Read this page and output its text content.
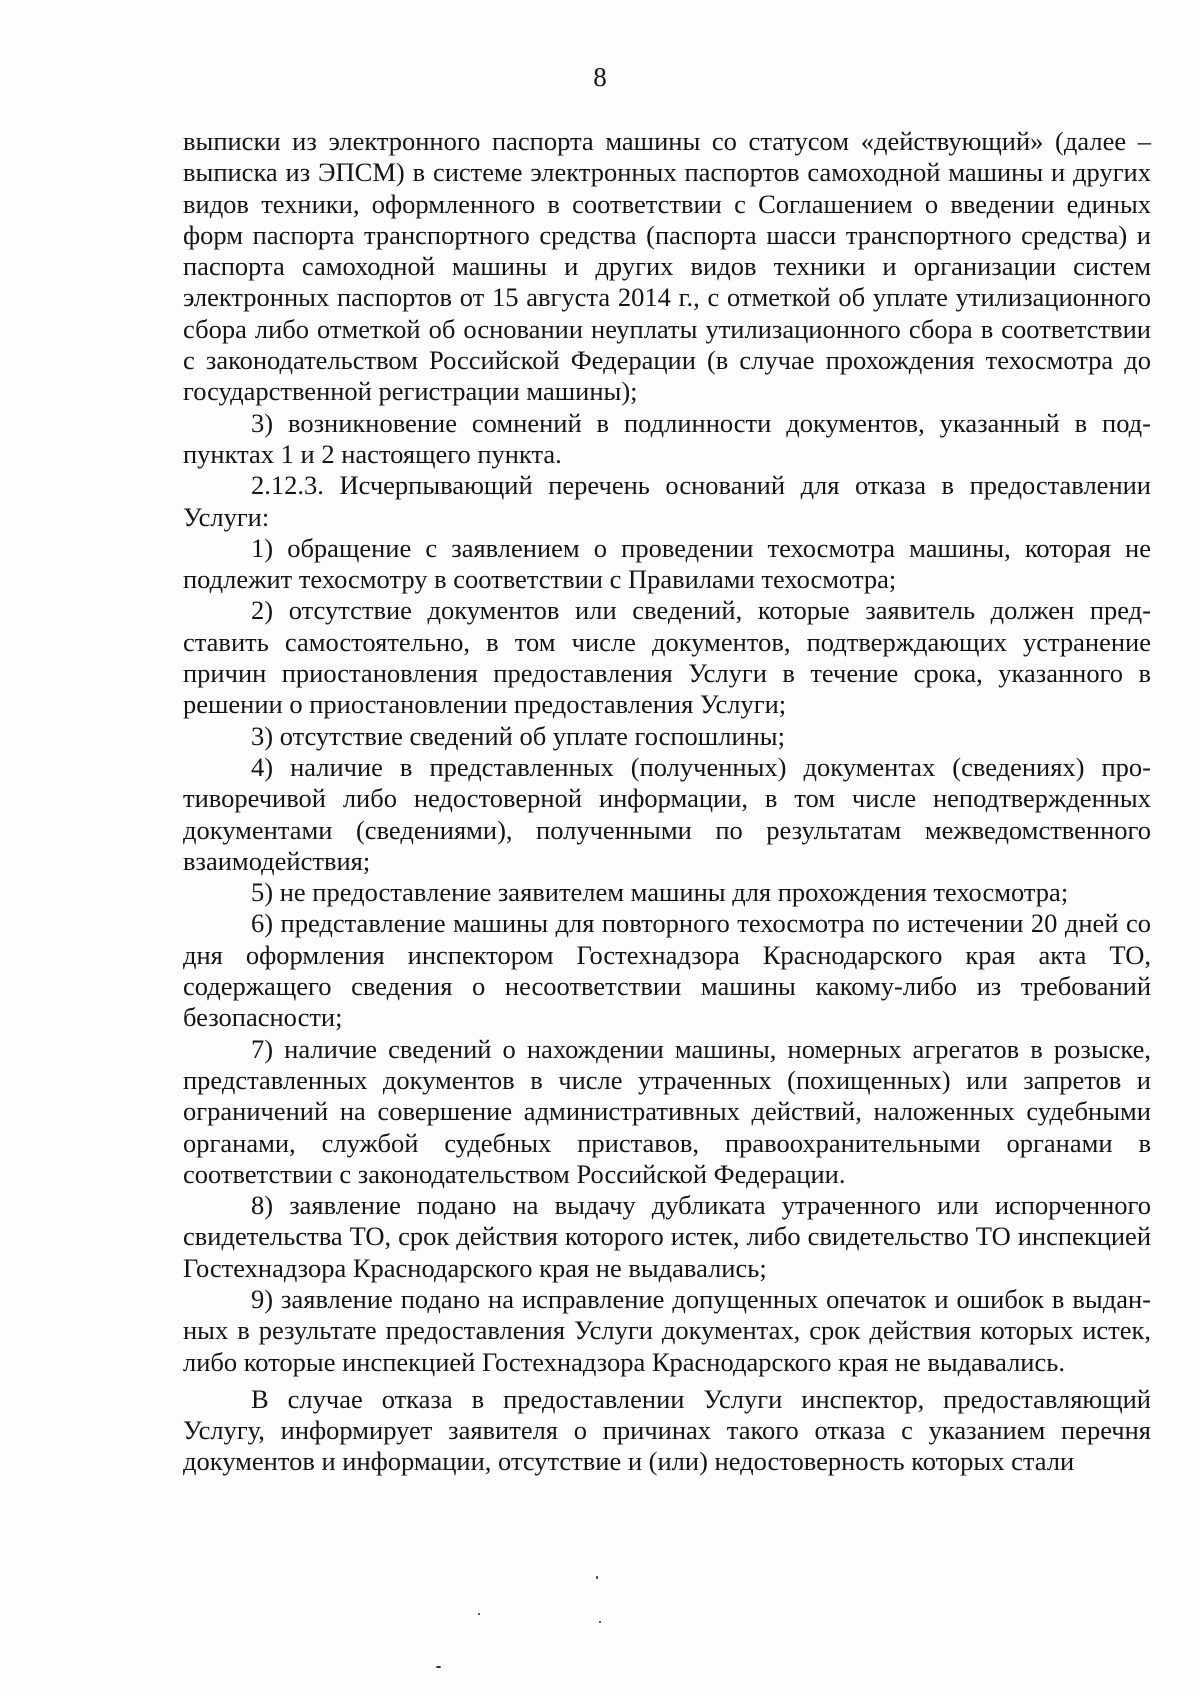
8

выписки из электронного паспорта машины со статусом «действующий» (далее – выписка из ЭПСМ) в системе электронных паспортов самоходной машины и других видов техники, оформленного в соответствии с Соглашением о введении единых форм паспорта транспортного средства (паспорта шасси транспортного средства) и паспорта самоходной машины и других видов техники и организации систем электронных паспортов от 15 августа 2014 г., с отметкой об уплате утилизационного сбора либо отметкой об основании неуплаты утилизационного сбора в соответствии с законодательством Российской Федерации (в случае прохождения техосмотра до государственной регистрации машины);

3) возникновение сомнений в подлинности документов, указанный в подпунктах 1 и 2 настоящего пункта.

2.12.3. Исчерпывающий перечень оснований для отказа в предоставлении Услуги:

1) обращение с заявлением о проведении техосмотра машины, которая не подлежит техосмотру в соответствии с Правилами техосмотра;

2) отсутствие документов или сведений, которые заявитель должен представить самостоятельно, в том числе документов, подтверждающих устранение причин приостановления предоставления Услуги в течение срока, указанного в решении о приостановлении предоставления Услуги;

3) отсутствие сведений об уплате госпошлины;

4) наличие в представленных (полученных) документах (сведениях) противоречивой либо недостоверной информации, в том числе неподтвержденных документами (сведениями), полученными по результатам межведомственного взаимодействия;

5) не предоставление заявителем машины для прохождения техосмотра;

6) представление машины для повторного техосмотра по истечении 20 дней со дня оформления инспектором Гостехнадзора Краснодарского края акта ТО, содержащего сведения о несоответствии машины какому-либо из требований безопасности;

7) наличие сведений о нахождении машины, номерных агрегатов в розыске, представленных документов в числе утраченных (похищенных) или запретов и ограничений на совершение административных действий, наложенных судебными органами, службой судебных приставов, правоохранительными органами в соответствии с законодательством Российской Федерации.

8) заявление подано на выдачу дубликата утраченного или испорченного свидетельства ТО, срок действия которого истек, либо свидетельство ТО инспекцией Гостехнадзора Краснодарского края не выдавались;

9) заявление подано на исправление допущенных опечаток и ошибок в выданных в результате предоставления Услуги документах, срок действия которых истек, либо которые инспекцией Гостехнадзора Краснодарского края не выдавались.

В случае отказа в предоставлении Услуги инспектор, предоставляющий Услугу, информирует заявителя о причинах такого отказа с указанием перечня документов и информации, отсутствие и (или) недостоверность которых стали
